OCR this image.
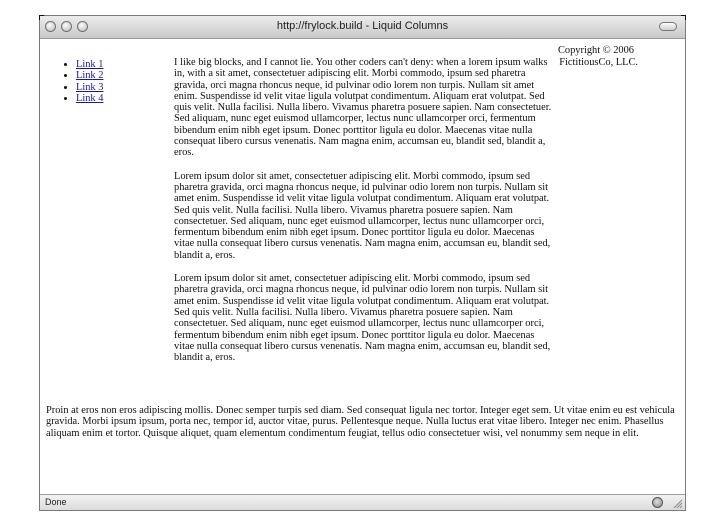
http://frylock.build - Liquid Columns
• Link 1
• Link 2
• Link 3
• Link 4
Copyright © 2006
FictitiousCo, LLC.

I like big blocks, and I cannot lie. You other coders can't deny: when a lorem ipsum walks in, with a sit amet, consectetuer adipiscing elit. Morbi commodo, ipsum sed pharetra gravida, orci magna rhoncus neque, id pulvinar odio lorem non turpis. Nullam sit amet enim. Suspendisse id velit vitae ligula volutpat condimentum. Aliquam erat volutpat. Sed quis velit. Nulla facilisi. Nulla libero. Vivamus pharetra posuere sapien. Nam consectetuer. Sed aliquam, nunc eget euismod ullamcorper, lectus nunc ullamcorper orci, fermentum bibendum enim nibh eget ipsum. Donec porttitor ligula eu dolor. Maecenas vitae nulla consequat libero cursus venenatis. Nam magna enim, accumsan eu, blandit sed, blandit a, eros.

Lorem ipsum dolor sit amet, consectetuer adipiscing elit. Morbi commodo, ipsum sed pharetra gravida, orci magna rhoncus neque, id pulvinar odio lorem non turpis. Nullam sit amet enim. Suspendisse id velit vitae ligula volutpat condimentum. Aliquam erat volutpat. Sed quis velit. Nulla facilisi. Nulla libero. Vivamus pharetra posuere sapien. Nam consectetuer. Sed aliquam, nunc eget euismod ullamcorper, lectus nunc ullamcorper orci, fermentum bibendum enim nibh eget ipsum. Donec porttitor ligula eu dolor. Maecenas vitae nulla consequat libero cursus venenatis. Nam magna enim, accumsan eu, blandit sed, blandit a, eros.

Lorem ipsum dolor sit amet, consectetuer adipiscing elit. Morbi commodo, ipsum sed pharetra gravida, orci magna rhoncus neque, id pulvinar odio lorem non turpis. Nullam sit amet enim. Suspendisse id velit vitae ligula volutpat condimentum. Aliquam erat volutpat. Sed quis velit. Nulla facilisi. Nulla libero. Vivamus pharetra posuere sapien. Nam consectetuer. Sed aliquam, nunc eget euismod ullamcorper, lectus nunc ullamcorper orci, fermentum bibendum enim nibh eget ipsum. Donec porttitor ligula eu dolor. Maecenas vitae nulla consequat libero cursus venenatis. Nam magna enim, accumsan eu, blandit sed, blandit a, eros.

Proin at eros non eros adipiscing mollis. Donec semper turpis sed diam. Sed consequat ligula nec tortor. Integer eget sem. Ut vitae enim eu est vehicula gravida. Morbi ipsum ipsum, porta nec, tempor id, auctor vitae, purus. Pellentesque neque. Nulla luctus erat vitae libero. Integer nec enim. Phasellus aliquam enim et tortor. Quisque aliquet, quam elementum condimentum feugiat, tellus odio consectetuer wisi, vel nonummy sem neque in elit.

Done
